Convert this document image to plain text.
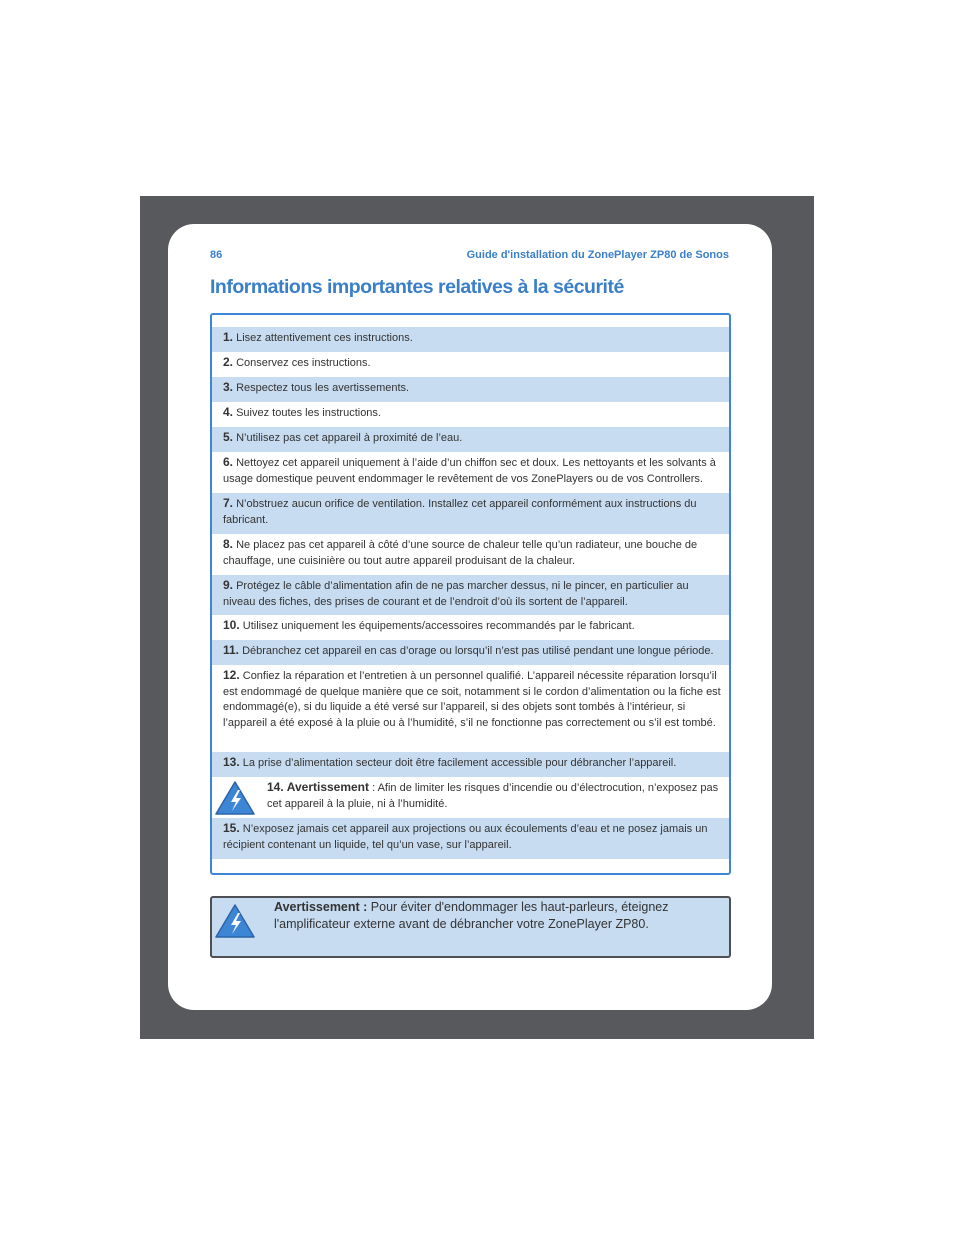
86	Guide d'installation du ZonePlayer ZP80 de Sonos
Informations importantes relatives à la sécurité
1. Lisez attentivement ces instructions.
2. Conservez ces instructions.
3. Respectez tous les avertissements.
4. Suivez toutes les instructions.
5. N’utilisez pas cet appareil à proximité de l’eau.
6. Nettoyez cet appareil uniquement à l’aide d’un chiffon sec et doux. Les nettoyants et les solvants à usage domestique peuvent endommager le revêtement de vos ZonePlayers ou de vos Controllers.
7. N’obstruez aucun orifice de ventilation. Installez cet appareil conformément aux instructions du fabricant.
8. Ne placez pas cet appareil à côté d’une source de chaleur telle qu’un radiateur, une bouche de chauffage, une cuisinière ou tout autre appareil produisant de la chaleur.
9. Protégez le câble d’alimentation afin de ne pas marcher dessus, ni le pincer, en particulier au niveau des fiches, des prises de courant et de l’endroit d’où ils sortent de l’appareil.
10. Utilisez uniquement les équipements/accessoires recommandés par le fabricant.
11. Débranchez cet appareil en cas d’orage ou lorsqu’il n’est pas utilisé pendant une longue période.
12. Confiez la réparation et l’entretien à un personnel qualifié. L’appareil nécessite réparation lorsqu’il est endommagé de quelque manière que ce soit, notamment si le cordon d’alimentation ou la fiche est endommagé(e), si du liquide a été versé sur l’appareil, si des objets sont tombés à l’intérieur, si l’appareil a été exposé à la pluie ou à l’humidité, s’il ne fonctionne pas correctement ou s’il est tombé.
13. La prise d’alimentation secteur doit être facilement accessible pour débrancher l’appareil.
14. Avertissement : Afin de limiter les risques d’incendie ou d’électrocution, n’exposez pas cet appareil à la pluie, ni à l’humidité.
15. N’exposez jamais cet appareil aux projections ou aux écoulements d’eau et ne posez jamais un récipient contenant un liquide, tel qu’un vase, sur l’appareil.
Avertissement : Pour éviter d'endommager les haut-parleurs, éteignez l'amplificateur externe avant de débrancher votre ZonePlayer ZP80.
